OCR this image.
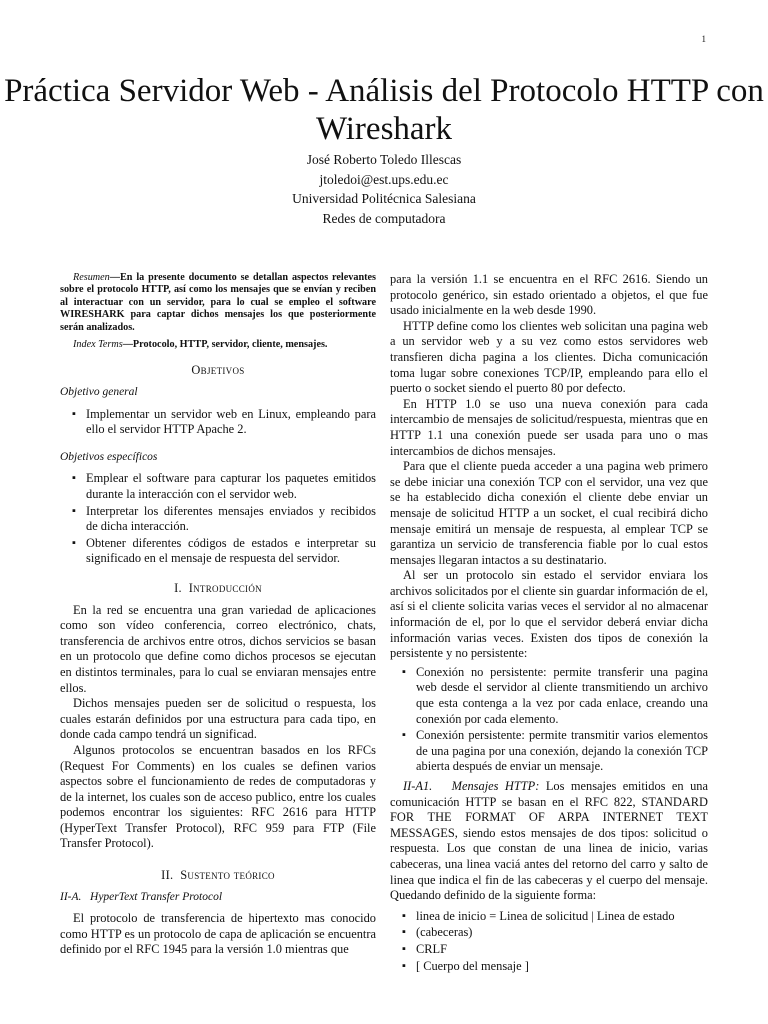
1
Práctica Servidor Web - Análisis del Protocolo HTTP con Wireshark
José Roberto Toledo Illescas
jtoledoi@est.ups.edu.ec
Universidad Politécnica Salesiana
Redes de computadora

Resumen—En la presente documento se detallan aspectos relevantes sobre el protocolo HTTP, así como los mensajes que se envían y reciben al interactuar con un servidor, para lo cual se empleo el software WIRESHARK para captar dichos mensajes los que posteriormente serán analizados.

Index Terms—Protocolo, HTTP, servidor, cliente, mensajes.

Objetivos
Objetivo general
▪ Implementar un servidor web en Linux, empleando para ello el servidor HTTP Apache 2.
Objetivos específicos
▪ Emplear el software para capturar los paquetes emitidos durante la interacción con el servidor web.
▪ Interpretar los diferentes mensajes enviados y recibidos de dicha interacción.
▪ Obtener diferentes códigos de estados e interpretar su significado en el mensaje de respuesta del servidor.
I. Introducción

En la red se encuentra una gran variedad de aplicaciones como son vídeo conferencia, correo electrónico, chats, transferencia de archivos entre otros, dichos servicios se basan en un protocolo que define como dichos procesos se ejecutan en distintos terminales, para lo cual se enviaran mensajes entre ellos.

Dichos mensajes pueden ser de solicitud o respuesta, los cuales estarán definidos por una estructura para cada tipo, en donde cada campo tendrá un significad.

Algunos protocolos se encuentran basados en los RFCs (Request For Comments) en los cuales se definen varios aspectos sobre el funcionamiento de redes de computadoras y de la internet, los cuales son de acceso publico, entre los cuales podemos encontrar los siguientes: RFC 2616 para HTTP (HyperText Transfer Protocol), RFC 959 para FTP (File Transfer Protocol).

II. Sustento teórico
II-A.   HyperText Transfer Protocol

El protocolo de transferencia de hipertexto mas conocido como HTTP es un protocolo de capa de aplicación se encuentra definido por el RFC 1945 para la versión 1.0 mientras que

para la versión 1.1 se encuentra en el RFC 2616. Siendo un protocolo genérico, sin estado orientado a objetos, el que fue usado inicialmente en la web desde 1990.

HTTP define como los clientes web solicitan una pagina web a un servidor web y a su vez como estos servidores web transfieren dicha pagina a los clientes. Dicha comunicación toma lugar sobre conexiones TCP/IP, empleando para ello el puerto o socket siendo el puerto 80 por defecto.

En HTTP 1.0 se uso una nueva conexión para cada intercambio de mensajes de solicitud/respuesta, mientras que en HTTP 1.1 una conexión puede ser usada para uno o mas intercambios de dichos mensajes.

Para que el cliente pueda acceder a una pagina web primero se debe iniciar una conexión TCP con el servidor, una vez que se ha establecido dicha conexión el cliente debe enviar un mensaje de solicitud HTTP a un socket, el cual recibirá dicho mensaje emitirá un mensaje de respuesta, al emplear TCP se garantiza un servicio de transferencia fiable por lo cual estos mensajes llegaran intactos a su destinatario.

Al ser un protocolo sin estado el servidor enviara los archivos solicitados por el cliente sin guardar información de el, así si el cliente solicita varias veces el servidor al no almacenar información de el, por lo que el servidor deberá enviar dicha información varias veces. Existen dos tipos de conexión la persistente y no persistente:

▪ Conexión no persistente: permite transferir una pagina web desde el servidor al cliente transmitiendo un archivo que esta contenga a la vez por cada enlace, creando una conexión por cada elemento.
▪ Conexión persistente: permite transmitir varios elementos de una pagina por una conexión, dejando la conexión TCP abierta después de enviar un mensaje.

II-A1.   Mensajes HTTP: Los mensajes emitidos en una comunicación HTTP se basan en el RFC 822, STANDARD FOR THE FORMAT OF ARPA INTERNET TEXT MESSAGES, siendo estos mensajes de dos tipos: solicitud o respuesta. Los que constan de una linea de inicio, varias cabeceras, una linea vaciá antes del retorno del carro y salto de linea que indica el fin de las cabeceras y el cuerpo del mensaje. Quedando definido de la siguiente forma:

▪ linea de inicio = Linea de solicitud | Linea de estado
▪ (cabeceras)
▪ CRLF
▪ [ Cuerpo del mensaje ]
